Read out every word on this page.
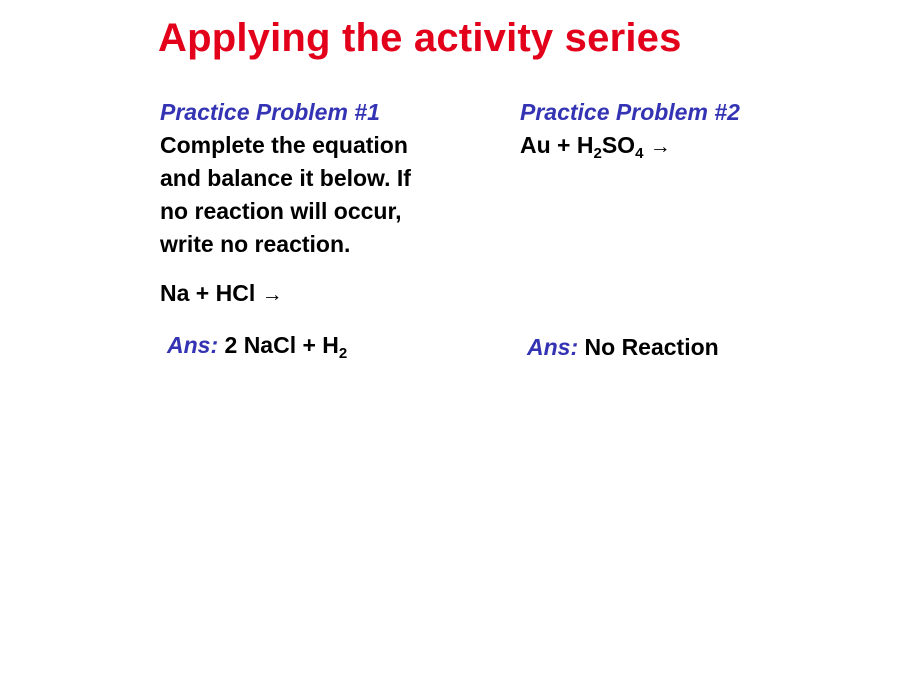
Applying the activity series
Practice Problem #1
Complete the equation
and balance it below. If
no reaction will occur,
write no reaction.
Na + HCl →
Ans: 2 NaCl + $H_2$
Practice Problem #2
$Au + H_2SO_4$ →
Ans: No Reaction
